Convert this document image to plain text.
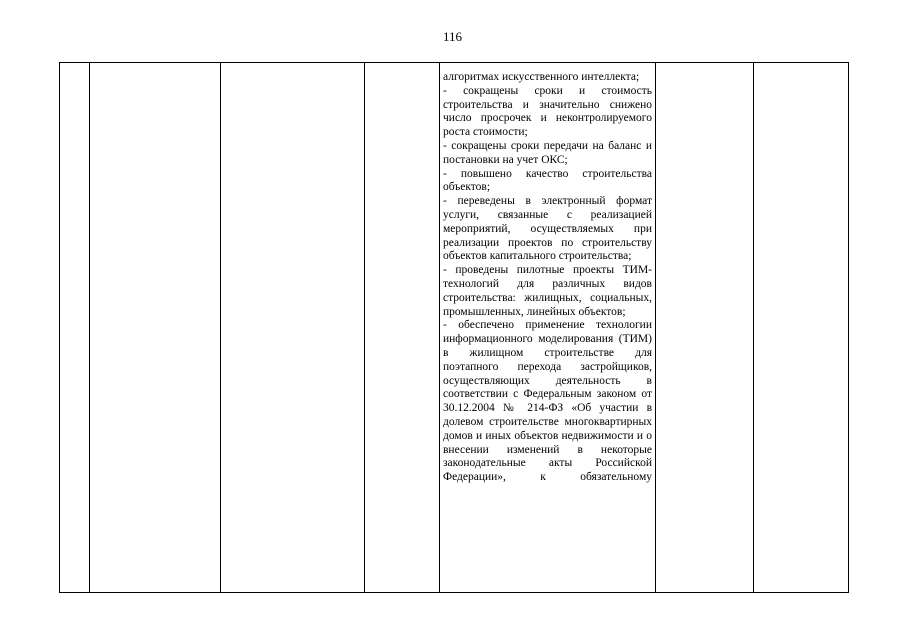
116

алгоритмах искусственного интеллекта;

- сокращены сроки и стоимость строительства и значительно снижено число просрочек и неконтролируемого роста стоимости;

- сокращены сроки передачи на баланс и постановки на учет ОКС;

- повышено качество строительства объектов;

- переведены в электронный формат услуги, связанные с реализацией мероприятий, осуществляемых при реализации проектов по строительству объектов капитального строительства;

- проведены пилотные проекты ТИМ-технологий для различных видов строительства: жилищных, социальных, промышленных, линейных объектов;

- обеспечено применение технологии информационного моделирования (ТИМ) в жилищном строительстве для поэтапного перехода застройщиков, осуществляющих деятельность в соответствии с Федеральным законом от 30.12.2004 № 214-ФЗ «Об участии в долевом строительстве многоквартирных домов и иных объектов недвижимости и о внесении изменений в некоторые законодательные акты Российской Федерации», к обязательному
